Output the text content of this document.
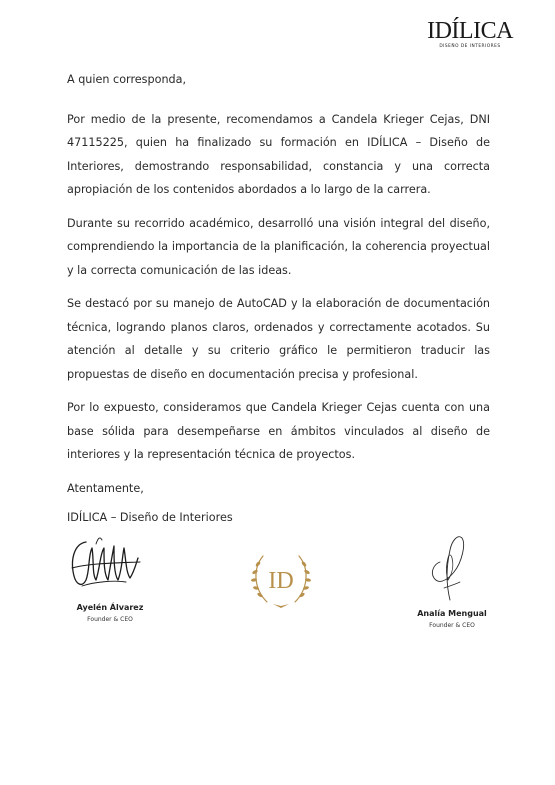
IDÍLICA
DISEÑO DE INTERIORES

A quien corresponda,

Por medio de la presente, recomendamos a Candela Krieger Cejas, DNI 47115225, quien ha finalizado su formación en IDÍLICA – Diseño de Interiores, demostrando responsabilidad, constancia y una correcta apropiación de los contenidos abordados a lo largo de la carrera.

Durante su recorrido académico, desarrolló una visión integral del diseño, comprendiendo la importancia de la planificación, la coherencia proyectual y la correcta comunicación de las ideas.

Se destacó por su manejo de AutoCAD y la elaboración de documentación técnica, logrando planos claros, ordenados y correctamente acotados. Su atención al detalle y su criterio gráfico le permitieron traducir las propuestas de diseño en documentación precisa y profesional.

Por lo expuesto, consideramos que Candela Krieger Cejas cuenta con una base sólida para desempeñarse en ámbitos vinculados al diseño de interiores y la representación técnica de proyectos.

Atentamente,

IDÍLICA – Diseño de Interiores

Ayelén Álvarez
Founder & CEO
ID
Analía Mengual
Founder & CEO
